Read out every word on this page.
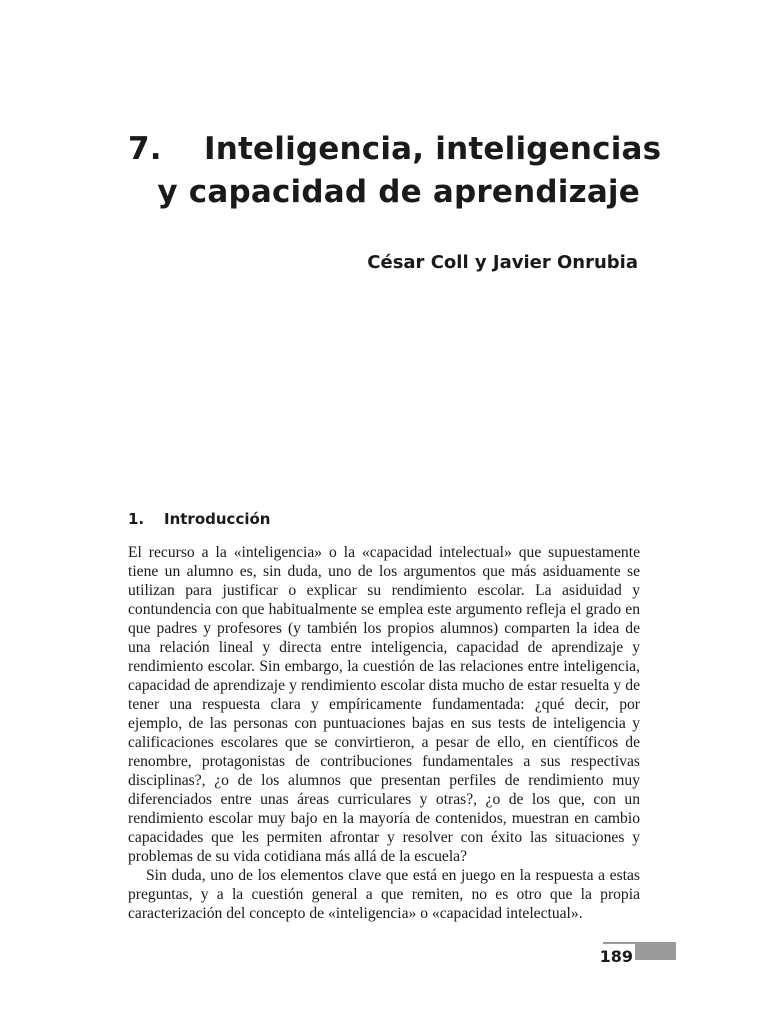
7.	Inteligencia, inteligencias
y capacidad de aprendizaje

César Coll y Javier Onrubia

1. Introducción

El recurso a la «inteligencia» o la «capacidad intelectual» que supuestamente tiene un alumno es, sin duda, uno de los argumentos que más asiduamente se utilizan para justificar o explicar su rendimiento escolar. La asiduidad y contundencia con que habitualmente se emplea este argumento refleja el grado en que padres y profesores (y también los propios alumnos) comparten la idea de una relación lineal y directa entre inteligencia, capacidad de aprendizaje y rendimiento escolar. Sin embargo, la cuestión de las relaciones entre inteligencia, capacidad de aprendizaje y rendimiento escolar dista mucho de estar resuelta y de tener una respuesta clara y empíricamente fundamentada: ¿qué decir, por ejemplo, de las personas con puntuaciones bajas en sus tests de inteligencia y calificaciones escolares que se convirtieron, a pesar de ello, en científicos de renombre, protagonistas de contribuciones fundamentales a sus respectivas disciplinas?, ¿o de los alumnos que presentan perfiles de rendimiento muy diferenciados entre unas áreas curriculares y otras?, ¿o de los que, con un rendimiento escolar muy bajo en la mayoría de contenidos, muestran en cambio capacidades que les permiten afrontar y resolver con éxito las situaciones y problemas de su vida cotidiana más allá de la escuela?

Sin duda, uno de los elementos clave que está en juego en la respuesta a estas preguntas, y a la cuestión general a que remiten, no es otro que la propia caracterización del concepto de «inteligencia» o «capacidad intelectual».

189
